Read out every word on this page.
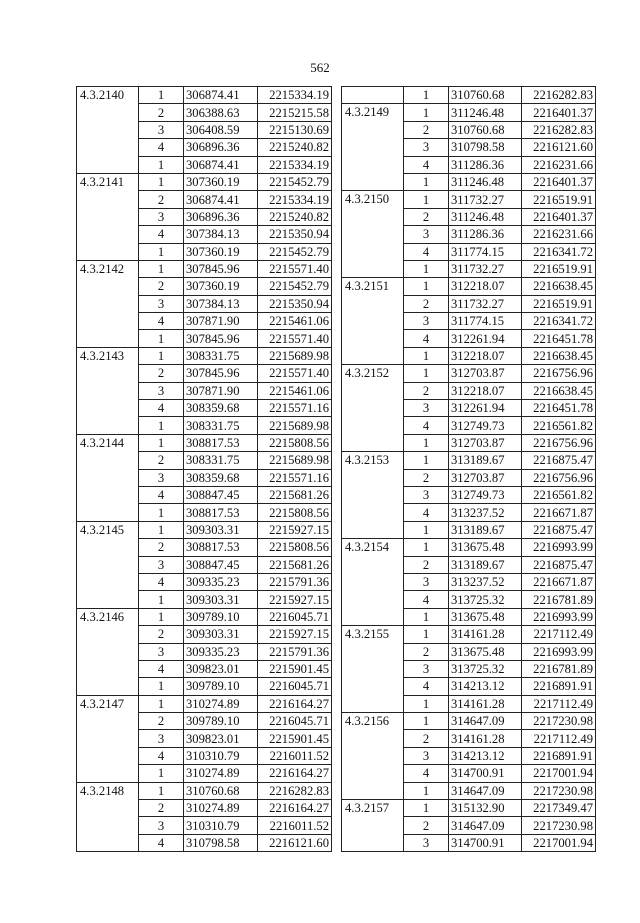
562
4.3.2140	1	306874.41	2215334.19
	2	306388.63	2215215.58
	3	306408.59	2215130.69
	4	306896.36	2215240.82
	1	306874.41	2215334.19
4.3.2141	1	307360.19	2215452.79
	2	306874.41	2215334.19
	3	306896.36	2215240.82
	4	307384.13	2215350.94
	1	307360.19	2215452.79
4.3.2142	1	307845.96	2215571.40
	2	307360.19	2215452.79
	3	307384.13	2215350.94
	4	307871.90	2215461.06
	1	307845.96	2215571.40
4.3.2143	1	308331.75	2215689.98
	2	307845.96	2215571.40
	3	307871.90	2215461.06
	4	308359.68	2215571.16
	1	308331.75	2215689.98
4.3.2144	1	308817.53	2215808.56
	2	308331.75	2215689.98
	3	308359.68	2215571.16
	4	308847.45	2215681.26
	1	308817.53	2215808.56
4.3.2145	1	309303.31	2215927.15
	2	308817.53	2215808.56
	3	308847.45	2215681.26
	4	309335.23	2215791.36
	1	309303.31	2215927.15
4.3.2146	1	309789.10	2216045.71
	2	309303.31	2215927.15
	3	309335.23	2215791.36
	4	309823.01	2215901.45
	1	309789.10	2216045.71
4.3.2147	1	310274.89	2216164.27
	2	309789.10	2216045.71
	3	309823.01	2215901.45
	4	310310.79	2216011.52
	1	310274.89	2216164.27
4.3.2148	1	310760.68	2216282.83
	2	310274.89	2216164.27
	3	310310.79	2216011.52
	4	310798.58	2216121.60
	1	310760.68	2216282.83
4.3.2149	1	311246.48	2216401.37
	2	310760.68	2216282.83
	3	310798.58	2216121.60
	4	311286.36	2216231.66
	1	311246.48	2216401.37
4.3.2150	1	311732.27	2216519.91
	2	311246.48	2216401.37
	3	311286.36	2216231.66
	4	311774.15	2216341.72
	1	311732.27	2216519.91
4.3.2151	1	312218.07	2216638.45
	2	311732.27	2216519.91
	3	311774.15	2216341.72
	4	312261.94	2216451.78
	1	312218.07	2216638.45
4.3.2152	1	312703.87	2216756.96
	2	312218.07	2216638.45
	3	312261.94	2216451.78
	4	312749.73	2216561.82
	1	312703.87	2216756.96
4.3.2153	1	313189.67	2216875.47
	2	312703.87	2216756.96
	3	312749.73	2216561.82
	4	313237.52	2216671.87
	1	313189.67	2216875.47
4.3.2154	1	313675.48	2216993.99
	2	313189.67	2216875.47
	3	313237.52	2216671.87
	4	313725.32	2216781.89
	1	313675.48	2216993.99
4.3.2155	1	314161.28	2217112.49
	2	313675.48	2216993.99
	3	313725.32	2216781.89
	4	314213.12	2216891.91
	1	314161.28	2217112.49
4.3.2156	1	314647.09	2217230.98
	2	314161.28	2217112.49
	3	314213.12	2216891.91
	4	314700.91	2217001.94
	1	314647.09	2217230.98
4.3.2157	1	315132.90	2217349.47
	2	314647.09	2217230.98
	3	314700.91	2217001.94
